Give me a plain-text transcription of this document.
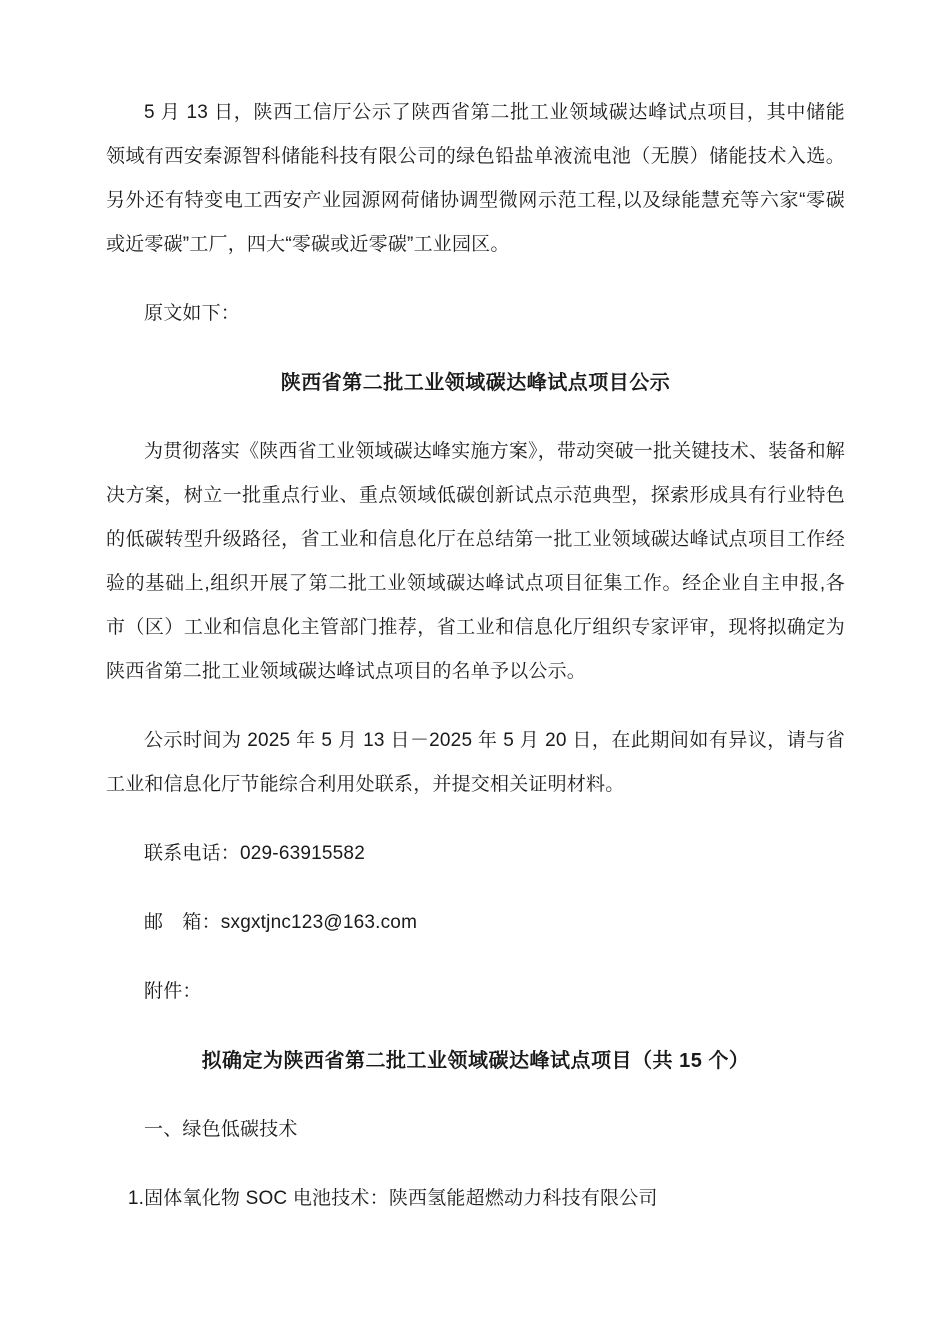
5 月 13 日，陕西工信厅公示了陕西省第二批工业领域碳达峰试点项目，其中储能领域有西安秦源智科储能科技有限公司的绿色铅盐单液流电池（无膜）储能技术入选。另外还有特变电工西安产业园源网荷储协调型微网示范工程,以及绿能慧充等六家“零碳或近零碳”工厂，四大“零碳或近零碳”工业园区。

原文如下：

陕西省第二批工业领域碳达峰试点项目公示

为贯彻落实《陕西省工业领域碳达峰实施方案》，带动突破一批关键技术、装备和解决方案，树立一批重点行业、重点领域低碳创新试点示范典型，探索形成具有行业特色的低碳转型升级路径，省工业和信息化厅在总结第一批工业领域碳达峰试点项目工作经验的基础上,组织开展了第二批工业领域碳达峰试点项目征集工作。经企业自主申报,各市（区）工业和信息化主管部门推荐，省工业和信息化厅组织专家评审，现将拟确定为陕西省第二批工业领域碳达峰试点项目的名单予以公示。

公示时间为 2025 年 5 月 13 日－2025 年 5 月 20 日，在此期间如有异议，请与省工业和信息化厅节能综合利用处联系，并提交相关证明材料。

联系电话：029-63915582

邮　箱：sxgxtjnc123@163.com

附件：

拟确定为陕西省第二批工业领域碳达峰试点项目（共 15 个）

一、绿色低碳技术

1.固体氧化物 SOC 电池技术：陕西氢能超燃动力科技有限公司
